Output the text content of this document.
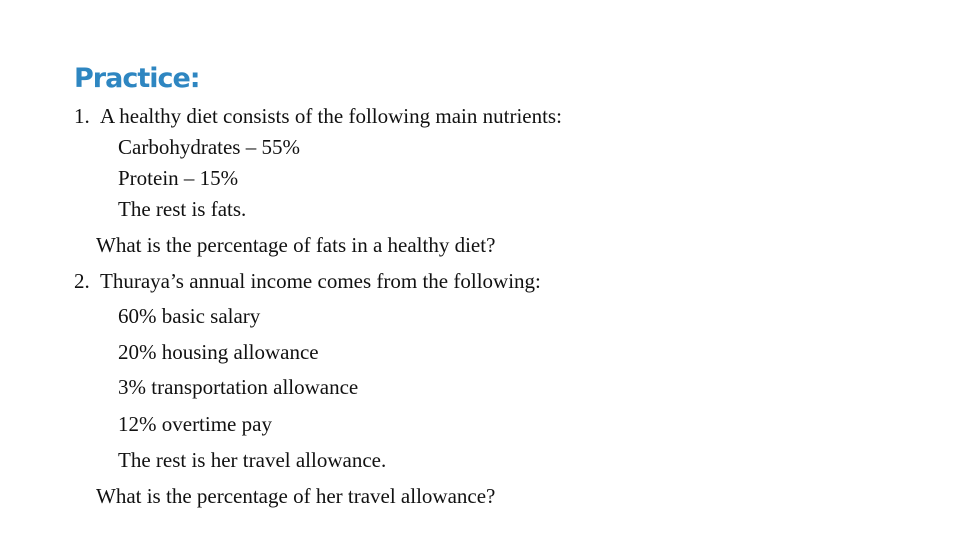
Practice:
1. A healthy diet consists of the following main nutrients:
Carbohydrates – 55%
Protein – 15%
The rest is fats.
What is the percentage of fats in a healthy diet?
2. Thuraya’s annual income comes from the following:
60% basic salary
20% housing allowance
3% transportation allowance
12% overtime pay
The rest is her travel allowance.
What is the percentage of her travel allowance?
